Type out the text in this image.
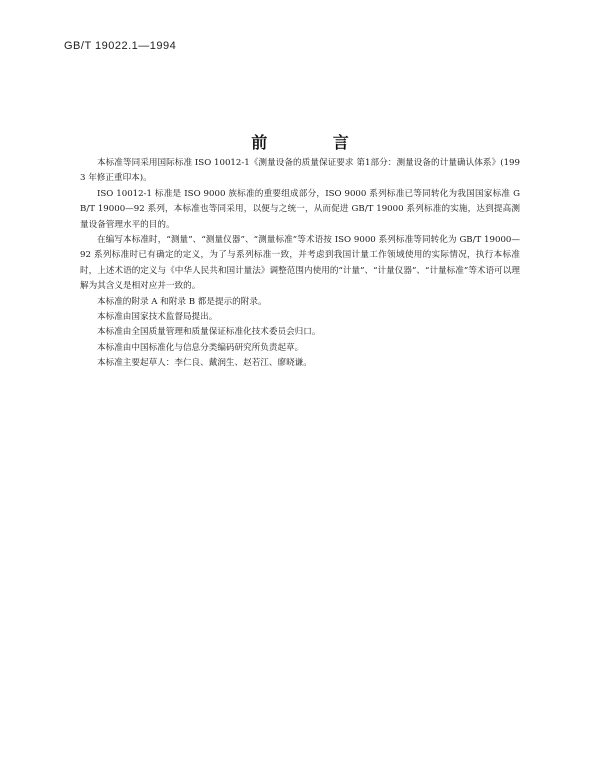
GB/T 19022.1—1994
前 言

本标准等同采用国际标准 ISO 10012-1《测量设备的质量保证要求 第1部分：测量设备的计量确认体系》(1993 年修正重印本)。

ISO 10012-1 标准是 ISO 9000 族标准的重要组成部分，ISO 9000 系列标准已等同转化为我国国家标准 GB/T 19000—92 系列，本标准也等同采用，以便与之统一，从而促进 GB/T 19000 系列标准的实施，达到提高测量设备管理水平的目的。

在编写本标准时，“测量”、“测量仪器”、“测量标准”等术语按 ISO 9000 系列标准等同转化为 GB/T 19000—92 系列标准时已有确定的定义，为了与系列标准一致，并考虑到我国计量工作领域使用的实际情况，执行本标准时，上述术语的定义与《中华人民共和国计量法》调整范围内使用的“计量”、“计量仪器”、“计量标准”等术语可以理解为其含义是相对应并一致的。

本标准的附录 A 和附录 B 都是提示的附录。

本标准由国家技术监督局提出。

本标准由全国质量管理和质量保证标准化技术委员会归口。

本标准由中国标准化与信息分类编码研究所负责起草。

本标准主要起草人：李仁良、戴润生、赵若江、廖晓谦。
